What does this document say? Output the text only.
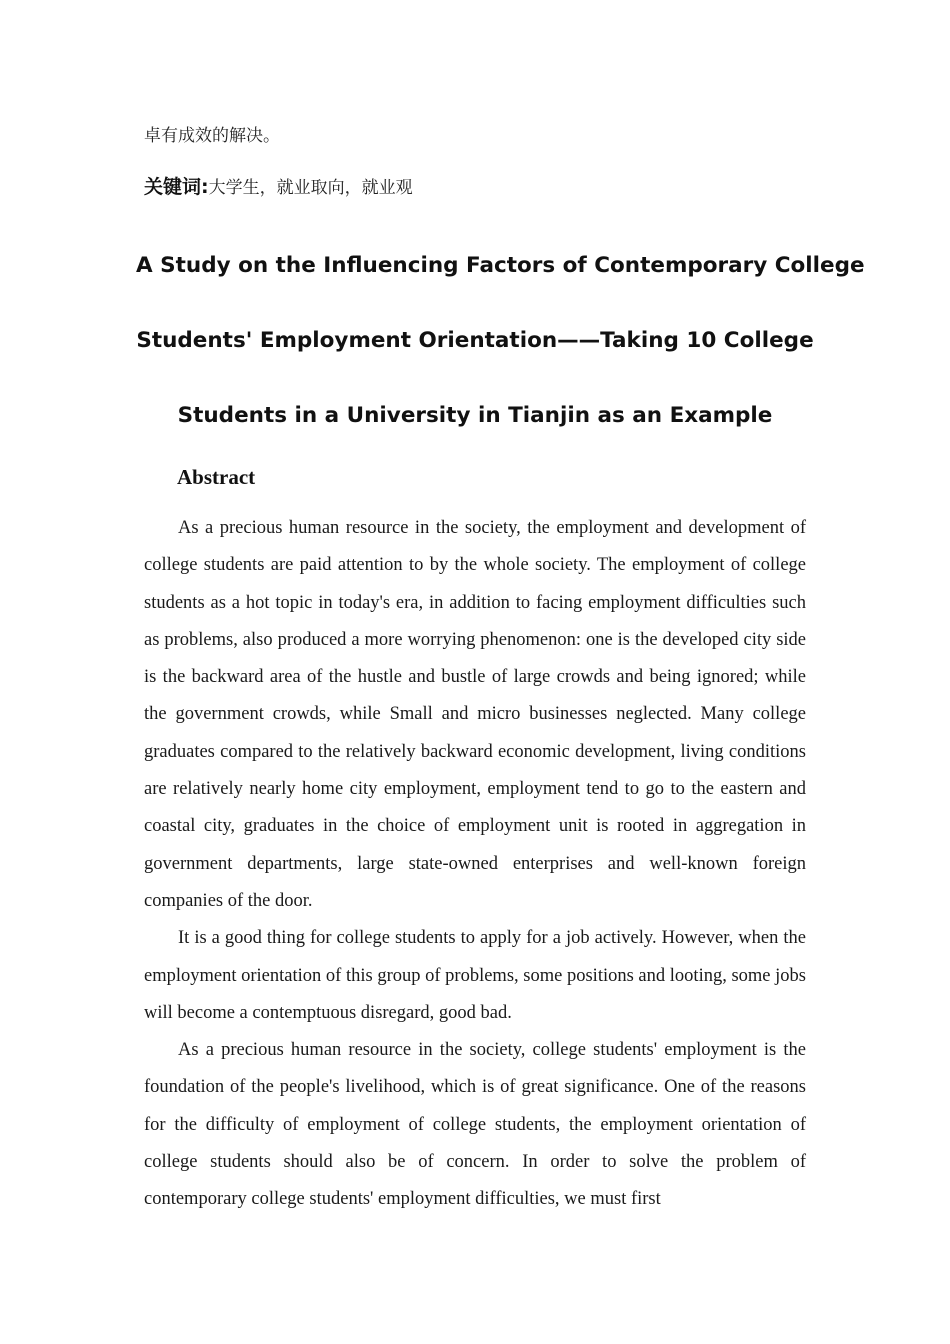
卓有成效的解决。

关键词:大学生，就业取向，就业观
A Study on the Influencing Factors of Contemporary College
Students' Employment Orientation——Taking 10 College
Students in a University in Tianjin as an Example
Abstract

As a precious human resource in the society, the employment and development of college students are paid attention to by the whole society. The employment of college students as a hot topic in today's era, in addition to facing employment difficulties such as problems, also produced a more worrying phenomenon: one is the developed city side is the backward area of the hustle and bustle of large crowds and being ignored; while the government crowds, while Small and micro businesses neglected. Many college graduates compared to the relatively backward economic development, living conditions are relatively nearly home city employment, employment tend to go to the eastern and coastal city, graduates in the choice of employment unit is rooted in aggregation in government departments, large state-owned enterprises and well-known foreign companies of the door.

It is a good thing for college students to apply for a job actively. However, when the employment orientation of this group of problems, some positions and looting, some jobs will become a contemptuous disregard, good bad.

As a precious human resource in the society, college students' employment is the foundation of the people's livelihood, which is of great significance. One of the reasons for the difficulty of employment of college students, the employment orientation of college students should also be of concern. In order to solve the problem of contemporary college students' employment difficulties, we must first
